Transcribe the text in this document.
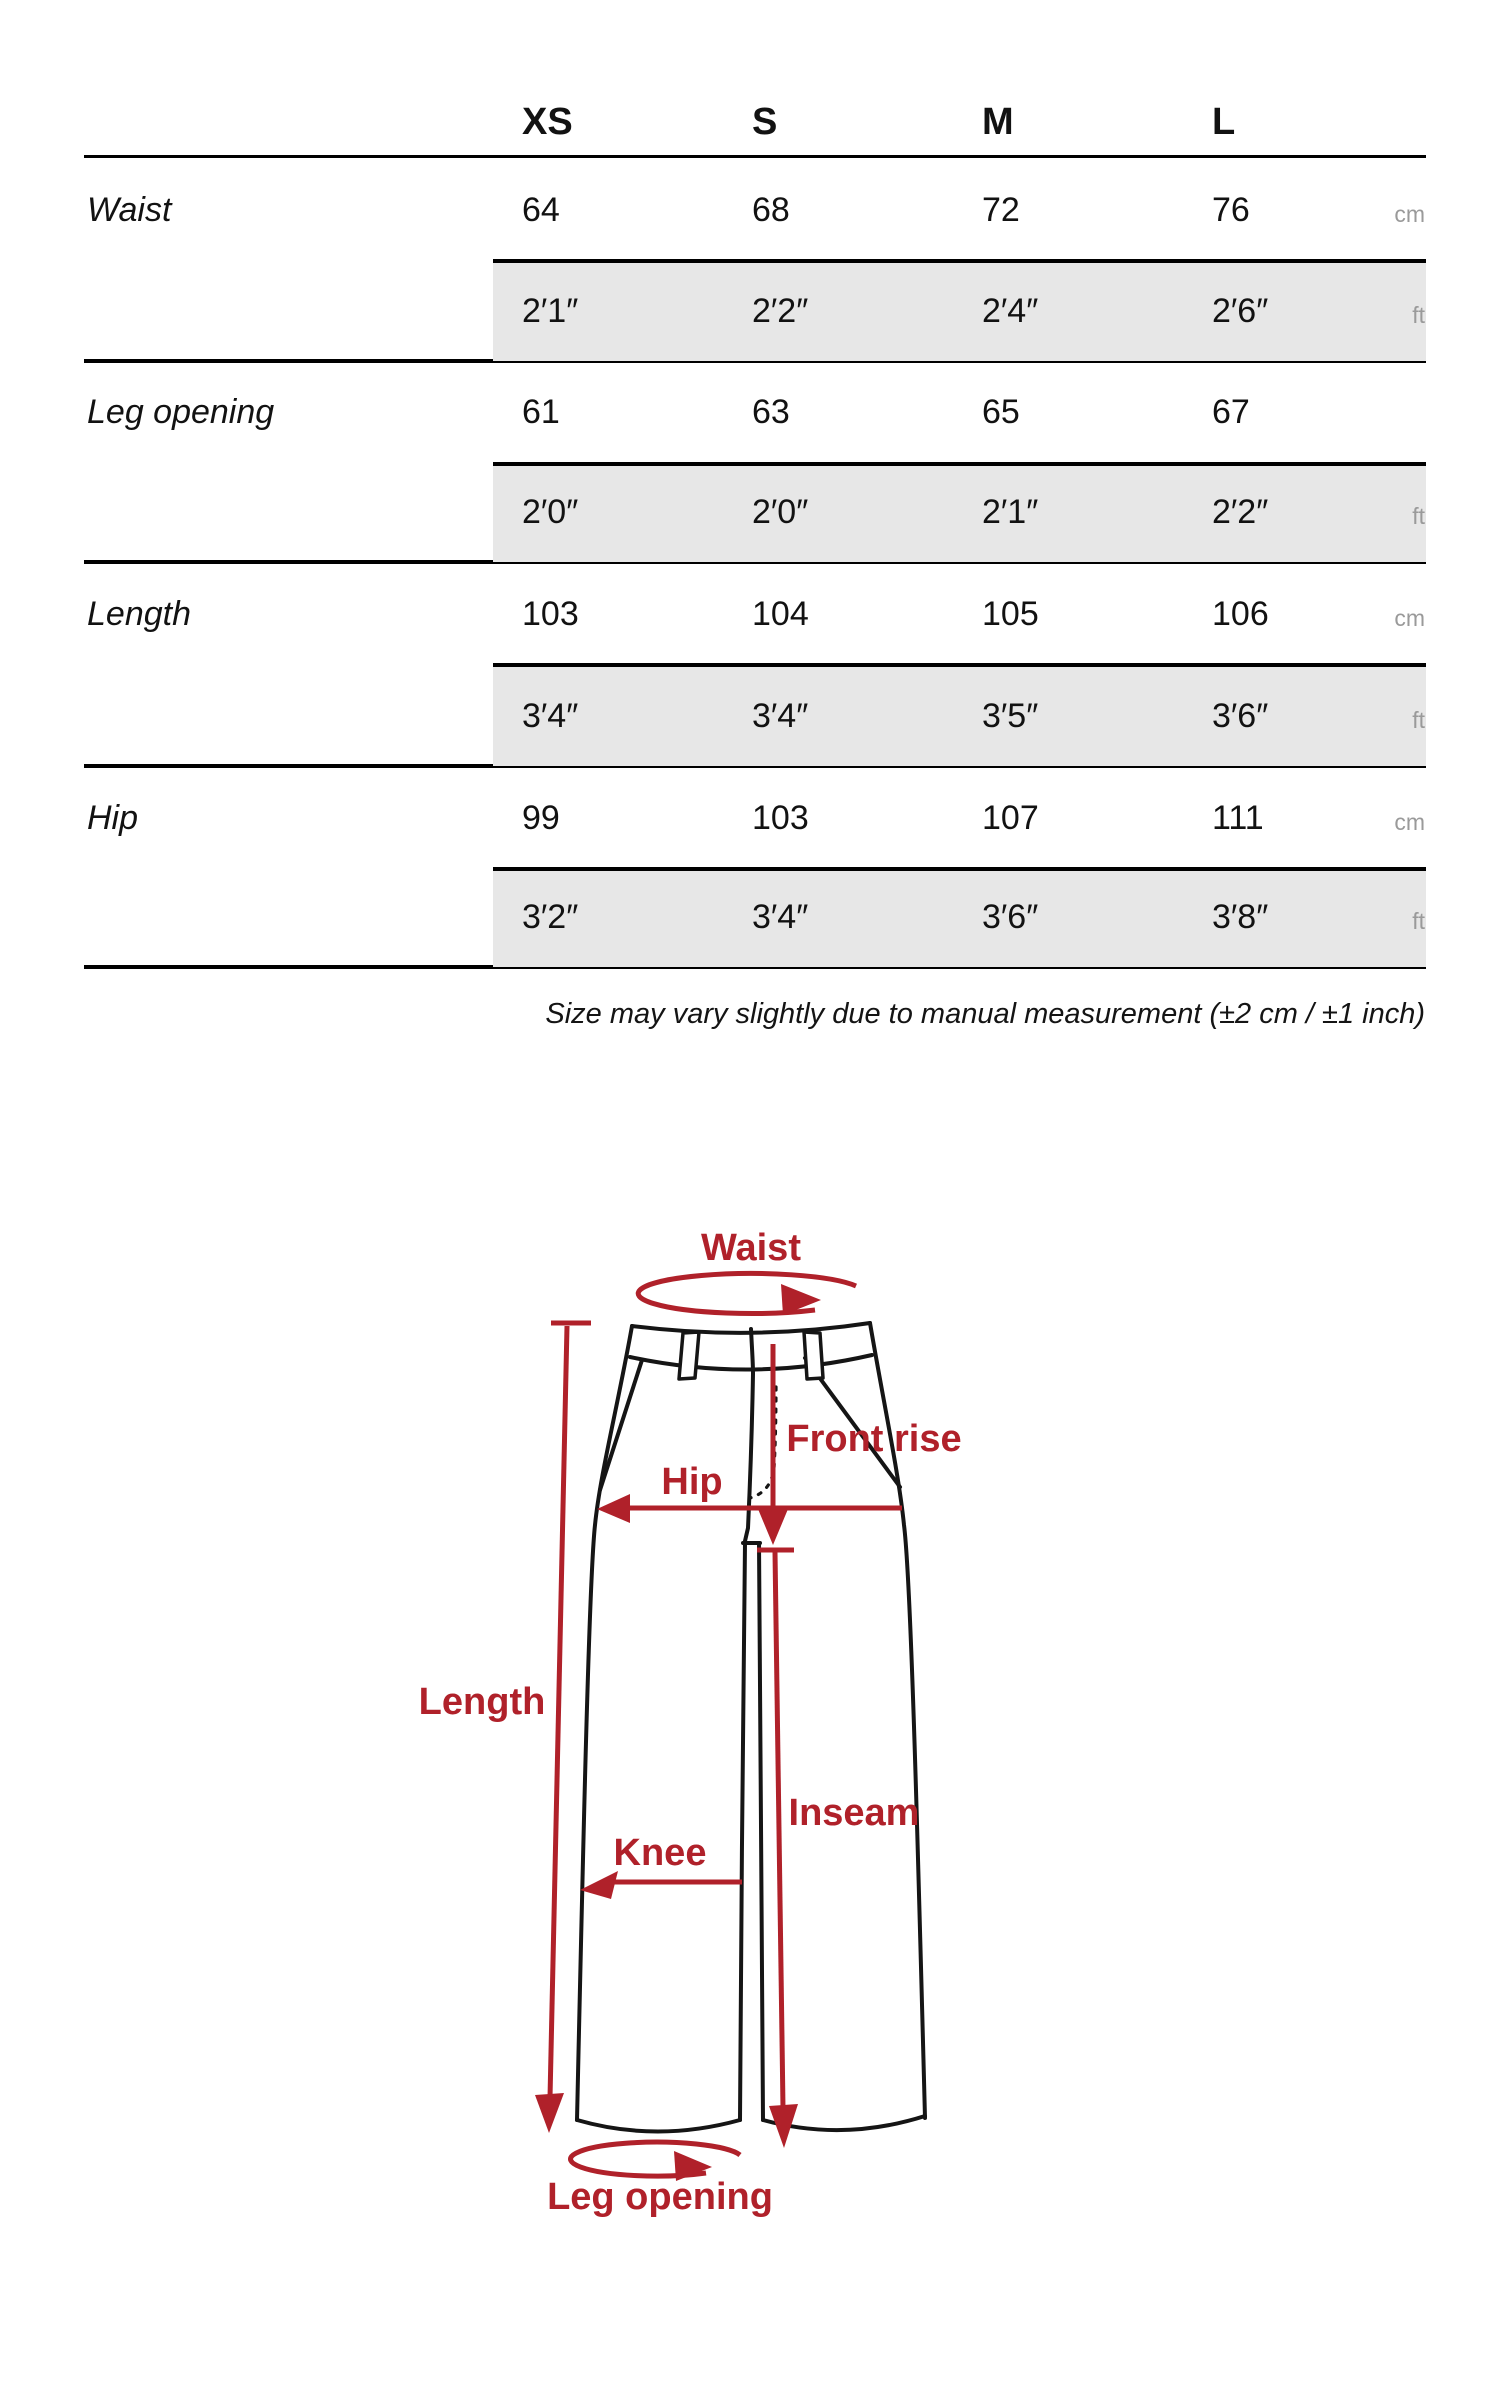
XS	S	M	L
Waist	64	68	72	76	cm
2′1″	2′2″	2′4″	2′6″	ft
Leg opening	61	63	65	67
2′0″	2′0″	2′1″	2′2″	ft
Length	103	104	105	106	cm
3′4″	3′4″	3′5″	3′6″	ft
Hip	99	103	107	111	cm
3′2″	3′4″	3′6″	3′8″	ft
Size may vary slightly due to manual measurement (±2 cm / ±1 inch)
Waist
Front rise
Hip
Length
Inseam
Knee
Leg opening
